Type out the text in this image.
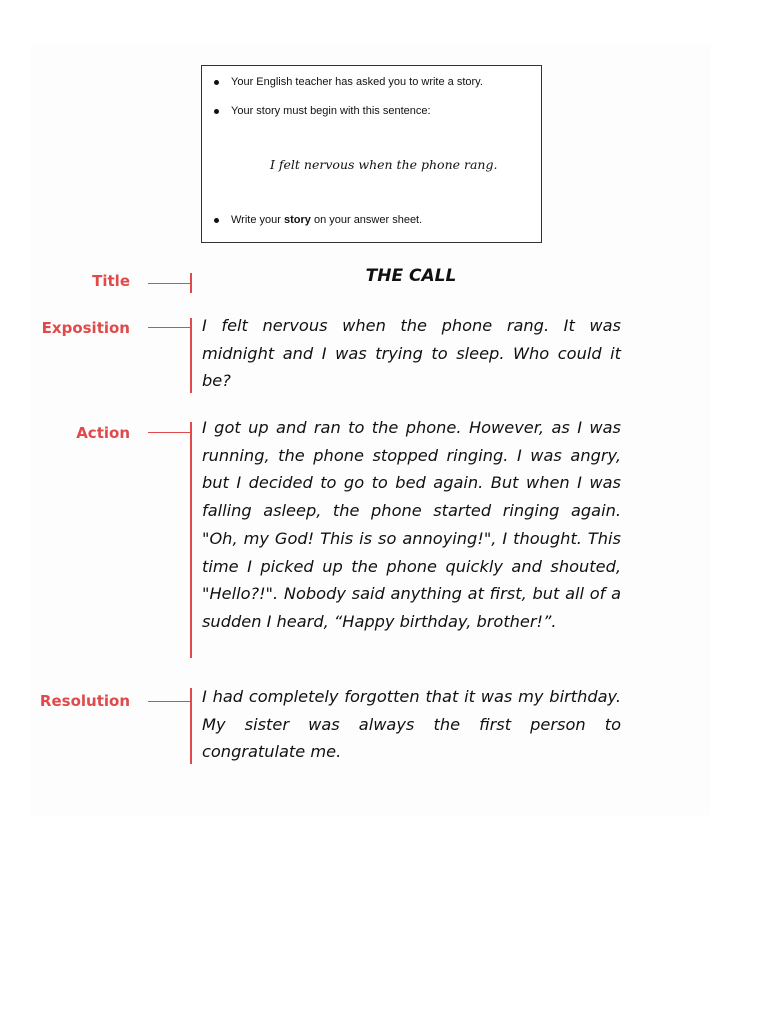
Your English teacher has asked you to write a story.
Your story must begin with this sentence:
I felt nervous when the phone rang.
Write your story on your answer sheet.
Title	THE CALL
Exposition	I felt nervous when the phone rang. It was midnight and I was trying to sleep. Who could it be?

Action	I got up and ran to the phone. However, as I was running, the phone stopped ringing. I was angry, but I decided to go to bed again. But when I was falling asleep, the phone started ringing again. "Oh, my God! This is so annoying!", I thought. This time I picked up the phone quickly and shouted, "Hello?!". Nobody said anything at first, but all of a sudden I heard, “Happy birthday, brother!”.

Resolution	I had completely forgotten that it was my birthday. My sister was always the first person to congratulate me.
